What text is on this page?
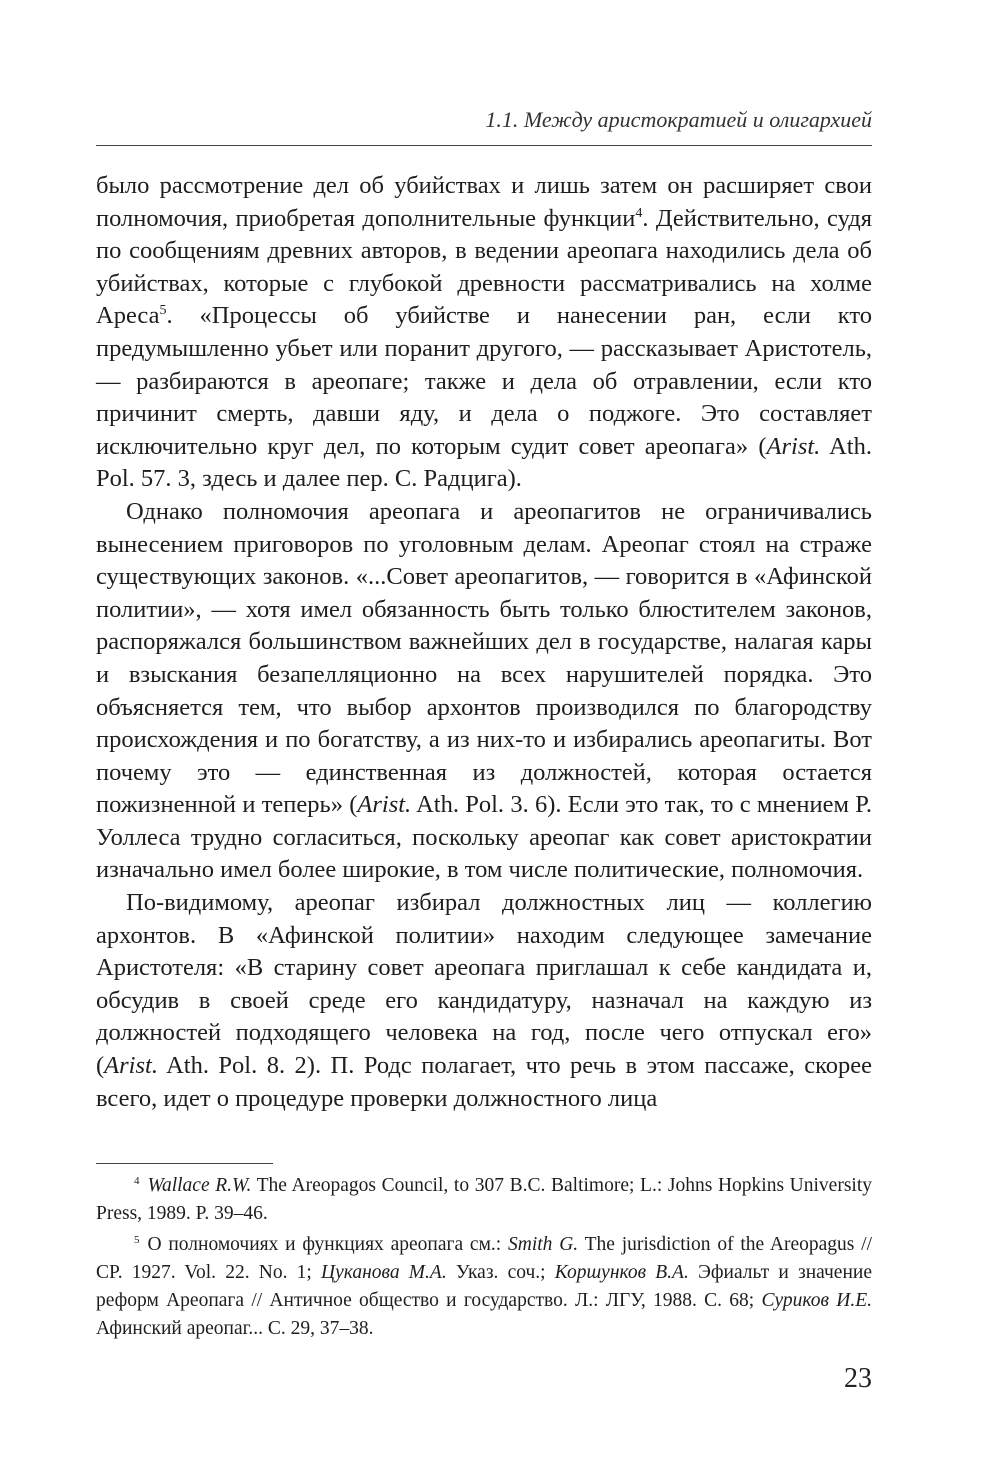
1.1. Между аристократией и олигархией

было рассмотрение дел об убийствах и лишь затем он расширяет свои полномочия, приобретая дополнительные функции$^4$. Действительно, судя по сообщениям древних авторов, в ведении ареопага находились дела об убийствах, которые с глубокой древности рассматривались на холме Ареса$^5$. «Процессы об убийстве и нанесении ран, если кто предумышленно убьет или поранит другого, — рассказывает Аристотель, — разбираются в ареопаге; также и дела об отравлении, если кто причинит смерть, давши яду, и дела о поджоге. Это составляет исключительно круг дел, по которым судит совет ареопага» (Arist. Ath. Pol. 57. 3, здесь и далее пер. С. Радцига).

Однако полномочия ареопага и ареопагитов не ограничивались вынесением приговоров по уголовным делам. Ареопаг стоял на страже существующих законов. «...Совет ареопагитов, — говорится в «Афинской политии», — хотя имел обязанность быть только блюстителем законов, распоряжался большинством важнейших дел в государстве, налагая кары и взыскания безапелляционно на всех нарушителей порядка. Это объясняется тем, что выбор архонтов производился по благородству происхождения и по богатству, а из них-то и избирались ареопагиты. Вот почему это — единственная из должностей, которая остается пожизненной и теперь» (Arist. Ath. Pol. 3. 6). Если это так, то с мнением Р. Уоллеса трудно согласиться, поскольку ареопаг как совет аристократии изначально имел более широкие, в том числе политические, полномочия.

По-видимому, ареопаг избирал должностных лиц — коллегию архонтов. В «Афинской политии» находим следующее замечание Аристотеля: «В старину совет ареопага приглашал к себе кандидата и, обсудив в своей среде его кандидатуру, назначал на каждую из должностей подходящего человека на год, после чего отпускал его» (Arist. Ath. Pol. 8. 2). П. Родс полагает, что речь в этом пассаже, скорее всего, идет о процедуре проверки должностного лица

$^4$ Wallace R.W. The Areopagos Council, to 307 B.C. Baltimore; L.: Johns Hopkins University Press, 1989. P. 39–46.

$^5$ О полномочиях и функциях ареопага см.: Smith G. The jurisdiction of the Areopagus // CP. 1927. Vol. 22. No. 1; Цуканова М.А. Указ. соч.; Коршунков В.А. Эфиальт и значение реформ Ареопага // Античное общество и государство. Л.: ЛГУ, 1988. С. 68; Суриков И.Е. Афинский ареопаг... С. 29, 37–38.

23
